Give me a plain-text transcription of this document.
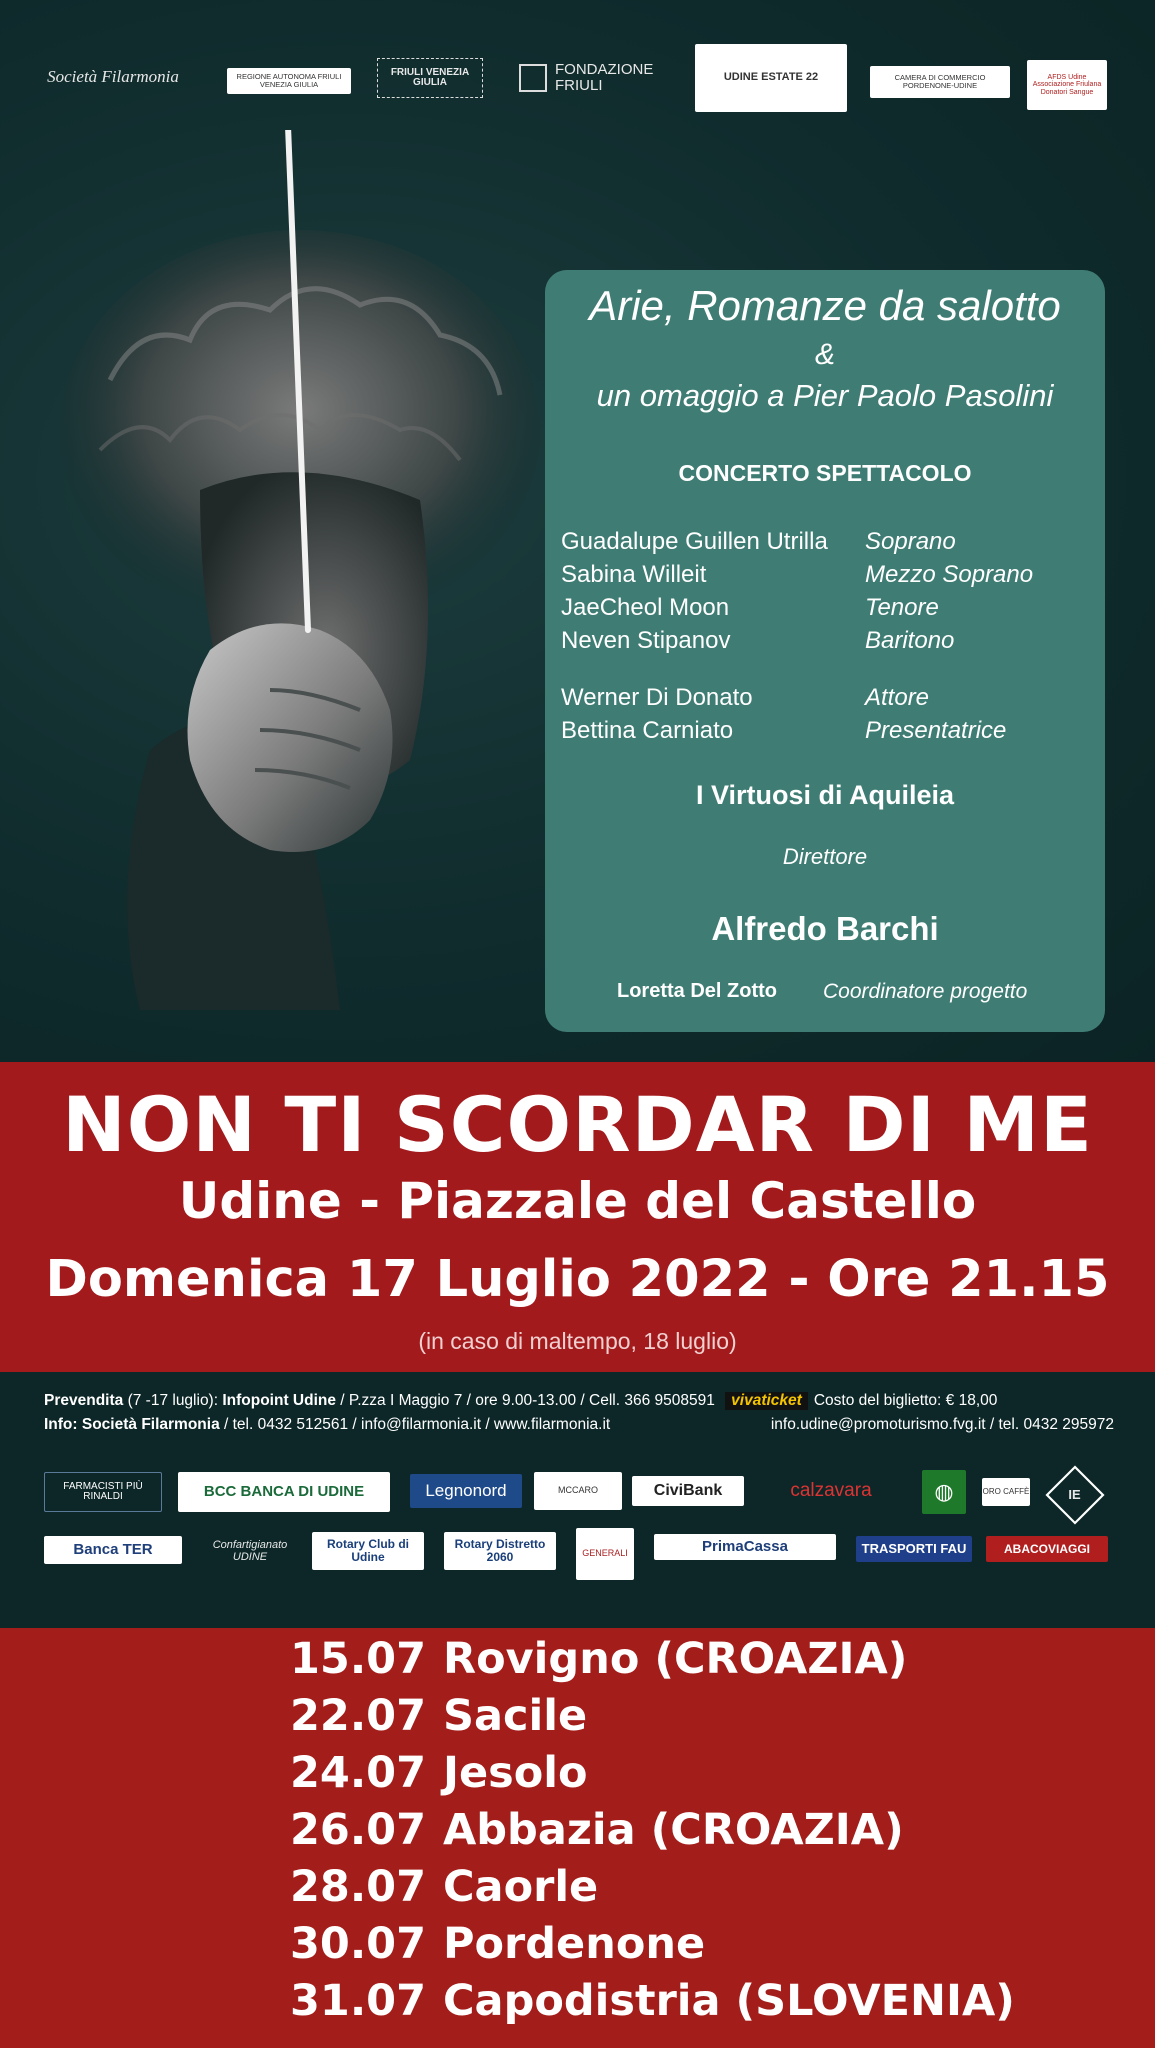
Società Filarmonia	REGIONE AUTONOMA FRIULI VENEZIA GIULIA
FRIULI VENEZIA GIULIA
FONDAZIONE FRIULI	UDINE ESTATE 22	CAMERA DI COMMERCIO PORDENONE-UDINE
AFDS Udine Associazione Friulana Donatori Sangue
Arie, Romanze da salotto
&
un omaggio a Pier Paolo Pasolini
CONCERTO SPETTACOLO
Guadalupe Guillen Utrilla Soprano
Sabina Willeit	Mezzo Soprano
JaeCheol Moon	Tenore
Neven Stipanov	Baritono
Werner Di Donato	Attore
Bettina Carniato	Presentatrice
I Virtuosi di Aquileia
Direttore
Alfredo Barchi
Loretta Del Zotto Coordinatore progetto
NON TI SCORDAR DI ME
Udine - Piazzale del Castello
Domenica 17 Luglio 2022 - Ore 21.15
(in caso di maltempo, 18 luglio)
Prevendita (7 -17 luglio): Infopoint Udine / P.zza I Maggio 7 / ore 9.00-13.00 / Cell. 366 9508591 vivaticket Costo del biglietto: € 18,00
Info: Società Filarmonia / tel. 0432 512561 / info@filarmonia.it / www.filarmonia.it	info.udine@promoturismo.fvg.it / tel. 0432 295972
FARMACISTI PIÙ RINALDI	BCC BANCA DI UDINE	Legnonord	MCCARO	CiviBank	calzavara	◍	ORO CAFFÈ IE
Banca TER	Confartigianato UDINE
Rotary Club di Udine
Rotary Distretto 2060	GENERALI	PrimaCassa	TRASPORTI FAU	ABACOVIAGGI
15.07 Rovigno (CROAZIA)
22.07 Sacile
24.07 Jesolo
26.07 Abbazia (CROAZIA)
28.07 Caorle
30.07 Pordenone
31.07 Capodistria (SLOVENIA)
